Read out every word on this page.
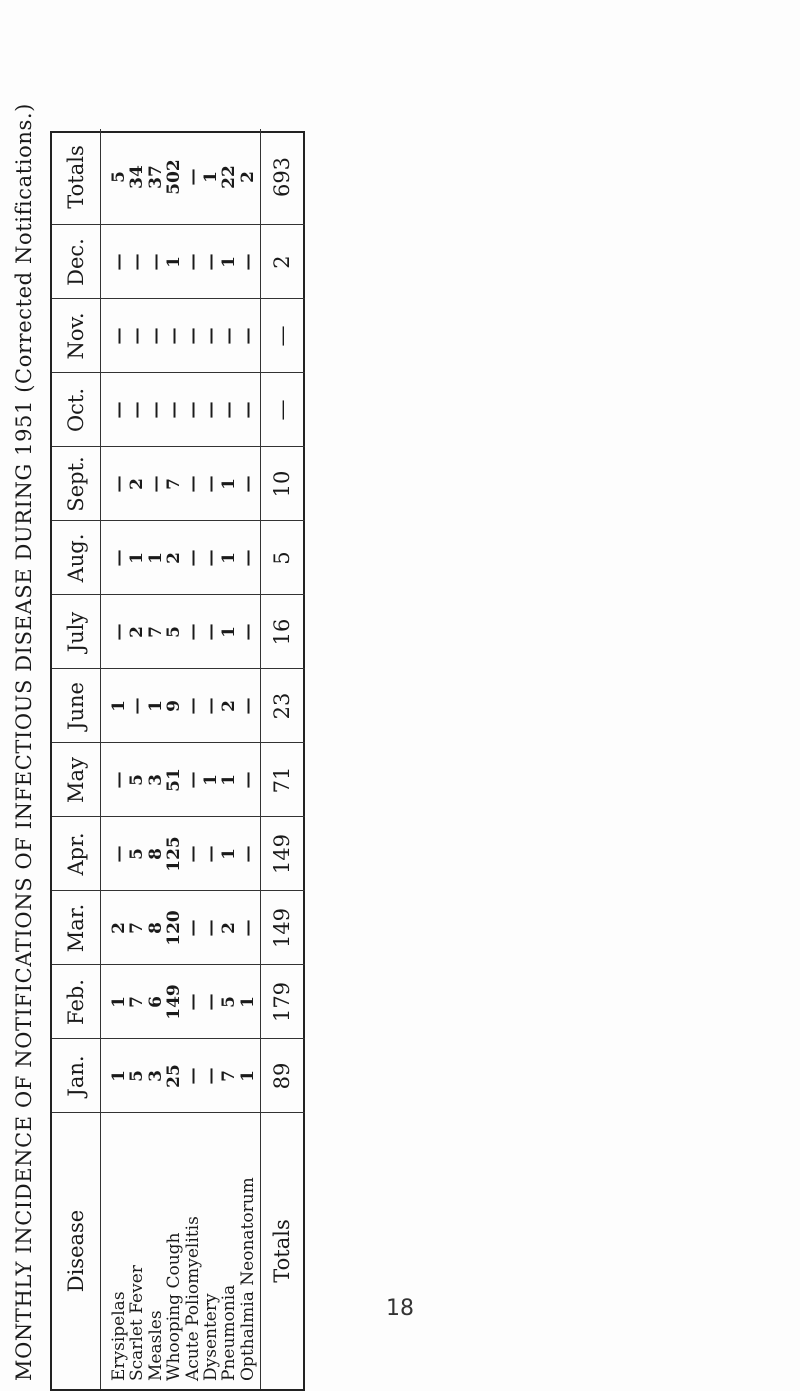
MONTHLY INCIDENCE OF NOTIFICATIONS OF INFECTIOUS DISEASE DURING 1951 (Corrected Notifications.)	Disease
Jan.
Feb.
Mar.
Apr.
May
June
July
Aug.
Sept.
Oct.
Nov.
Dec.
Totals
Erysipelas
Scarlet Fever
Measles
Whooping Cough
Acute Poliomyelitis
Dysentery
Pneumonia
Opthalmia Neonatorum
1
5
3
25
—
—
7
1 89
1
7
6
149
—
—
5
1 179
2
7
8
120
—
—
2
— 149
—
5
8
125
—
—
1
— 149
—
5
3
51
—
1
1
— 71
1
—
1
9
—
—
2
— 23
—
2
7
5
—
—
1
— 16
—
1
1
2
—
—
1
— 5
—
2
—
7
—
—
1
— 10
—
—
—
—
—
—
—
— —
—
—
—
—
—
—
—
— —
—
—
—
1
—
—
1
— 2
5
34
37
502
—
1
22
2 693
Totals
18
